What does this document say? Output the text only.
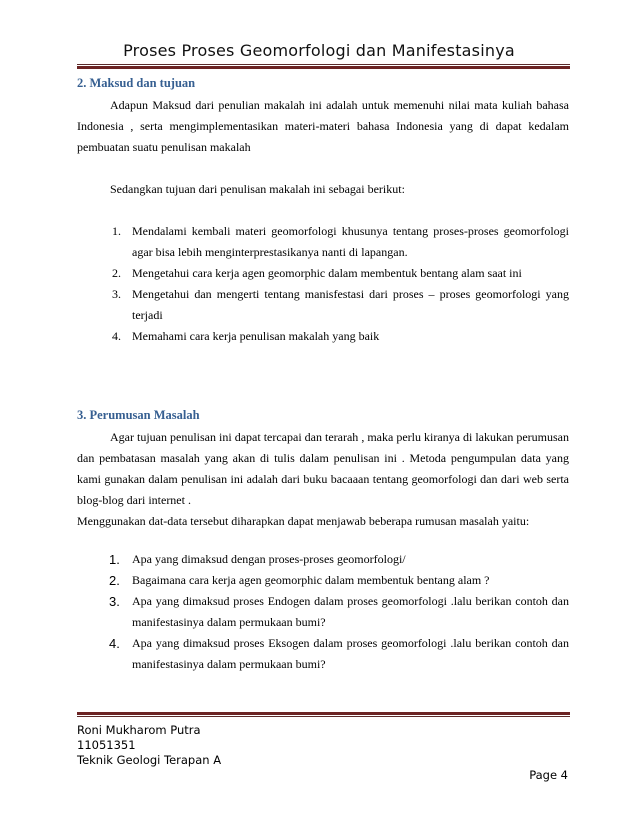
Proses Proses Geomorfologi dan Manifestasinya
2. Maksud dan tujuan
Adapun Maksud dari penulian makalah ini adalah untuk memenuhi nilai mata kuliah bahasa Indonesia , serta mengimplementasikan materi-materi bahasa Indonesia yang di dapat kedalam pembuatan suatu penulisan makalah
Sedangkan tujuan dari penulisan makalah ini sebagai berikut:
1. Mendalami kembali materi geomorfologi khusunya tentang proses-proses geomorfologi agar bisa lebih menginterprestasikanya nanti di lapangan.
2. Mengetahui cara kerja agen geomorphic dalam membentuk bentang alam saat ini
3. Mengetahui dan mengerti tentang manisfestasi dari proses – proses geomorfologi yang terjadi
4. Memahami cara kerja penulisan makalah yang baik
3. Perumusan Masalah
Agar tujuan penulisan ini dapat tercapai dan terarah , maka perlu kiranya di lakukan perumusan dan pembatasan masalah yang akan di tulis dalam penulisan ini . Metoda pengumpulan data yang kami gunakan dalam penulisan ini adalah dari buku bacaaan tentang geomorfologi dan dari web serta blog-blog dari internet .
Menggunakan dat-data tersebut diharapkan dapat menjawab beberapa rumusan masalah yaitu:
1.	Apa yang dimaksud dengan proses-proses geomorfologi/
2.	Bagaimana cara kerja agen geomorphic dalam membentuk bentang alam ?
3.	Apa yang dimaksud proses Endogen dalam proses geomorfologi .lalu berikan contoh dan manifestasinya dalam permukaan bumi?
4.	Apa yang dimaksud proses Eksogen dalam proses geomorfologi .lalu berikan contoh dan manifestasinya dalam permukaan bumi?
Roni Mukharom Putra
11051351
Teknik Geologi Terapan A
Page 4
